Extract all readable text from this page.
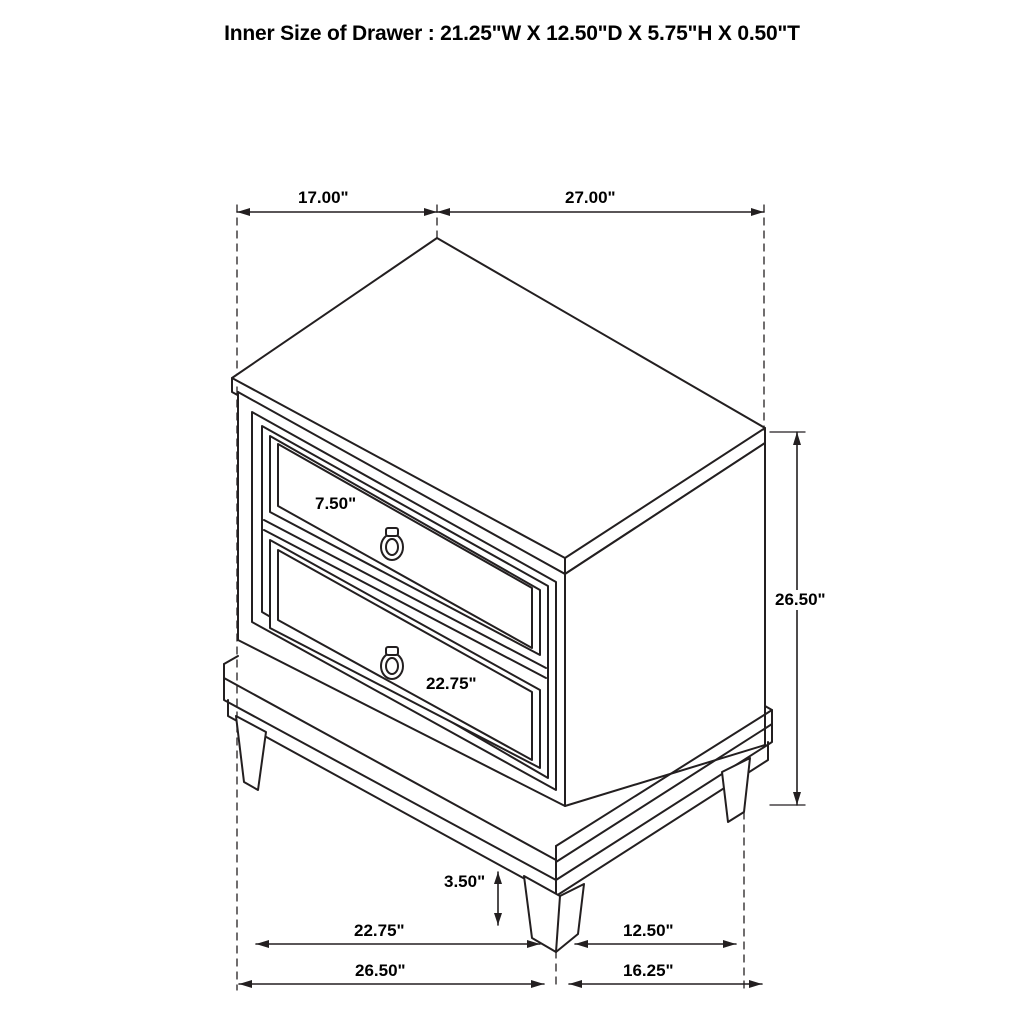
Inner Size of Drawer : 21.25"W X 12.50"D X 5.75"H X 0.50"T
17.00"	27.00"
7.50"
22.75"
26.50"
3.50"
22.75"	12.50"
26.50"	16.25"
